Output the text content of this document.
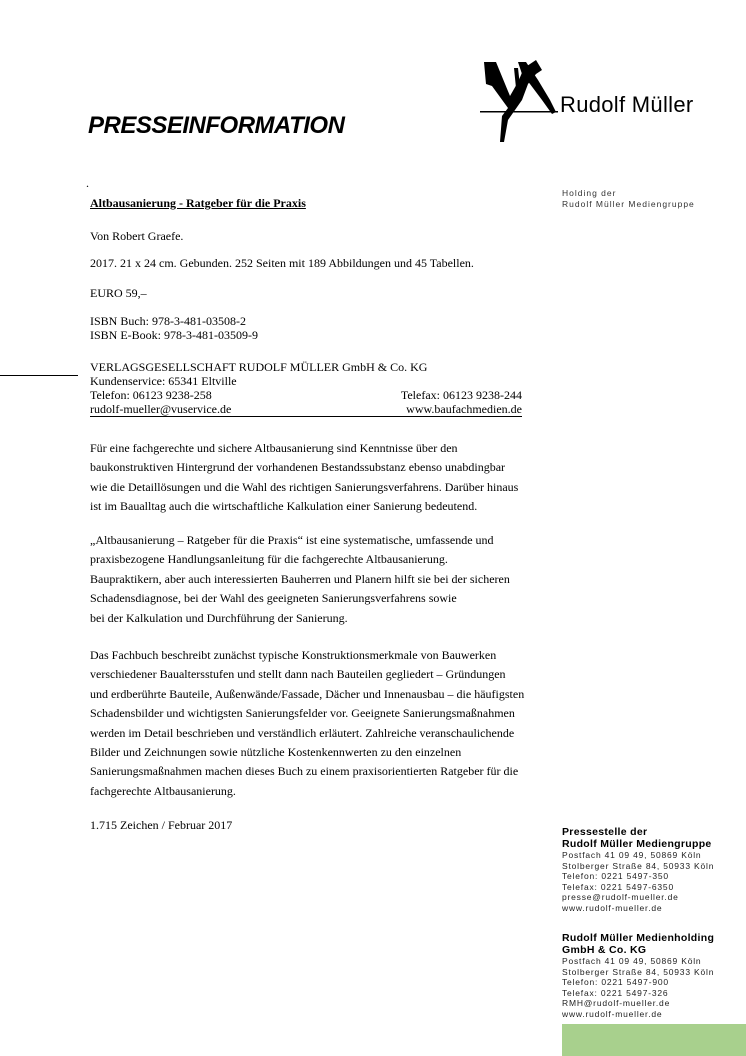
Rudolf Müller
PRESSEINFORMATION
.
Holding der
Rudolf Müller Mediengruppe
Altbausanierung - Ratgeber für die Praxis
Von Robert Graefe.
2017. 21 x 24 cm. Gebunden. 252 Seiten mit 189 Abbildungen und 45 Tabellen.
EURO 59,–
ISBN Buch: 978-3-481-03508-2
ISBN E-Book: 978-3-481-03509-9
VERLAGSGESELLSCHAFT RUDOLF MÜLLER GmbH & Co. KG
Kundenservice: 65341 Eltville
Telefon: 06123 9238-258	Telefax: 06123 9238-244
rudolf-mueller@vuservice.de	www.baufachmedien.de
Für eine fachgerechte und sichere Altbausanierung sind Kenntnisse über den
baukonstruktiven Hintergrund der vorhandenen Bestandssubstanz ebenso unabdingbar
wie die Detaillösungen und die Wahl des richtigen Sanierungsverfahrens. Darüber hinaus
ist im Baualltag auch die wirtschaftliche Kalkulation einer Sanierung bedeutend.
„Altbausanierung – Ratgeber für die Praxis“ ist eine systematische, umfassende und
praxisbezogene Handlungsanleitung für die fachgerechte Altbausanierung.
Baupraktikern, aber auch interessierten Bauherren und Planern hilft sie bei der sicheren
Schadensdiagnose, bei der Wahl des geeigneten Sanierungsverfahrens sowie
bei der Kalkulation und Durchführung der Sanierung.
Das Fachbuch beschreibt zunächst typische Konstruktionsmerkmale von Bauwerken
verschiedener Baualtersstufen und stellt dann nach Bauteilen gegliedert – Gründungen
und erdberührte Bauteile, Außenwände/Fassade, Dächer und Innenausbau – die häufigsten
Schadensbilder und wichtigsten Sanierungsfelder vor. Geeignete Sanierungsmaßnahmen
werden im Detail beschrieben und verständlich erläutert. Zahlreiche veranschaulichende
Bilder und Zeichnungen sowie nützliche Kostenkennwerten zu den einzelnen
Sanierungsmaßnahmen machen dieses Buch zu einem praxisorientierten Ratgeber für die
fachgerechte Altbausanierung.
1.715 Zeichen / Februar 2017	Pressestelle der
Rudolf Müller Mediengruppe
Postfach 41 09 49, 50869 Köln
Stolberger Straße 84, 50933 Köln
Telefon: 0221 5497-350
Telefax: 0221 5497-6350
presse@rudolf-mueller.de
www.rudolf-mueller.de
Rudolf Müller Medienholding
GmbH & Co. KG
Postfach 41 09 49, 50869 Köln
Stolberger Straße 84, 50933 Köln
Telefon: 0221 5497-900
Telefax: 0221 5497-326
RMH@rudolf-mueller.de
www.rudolf-mueller.de
